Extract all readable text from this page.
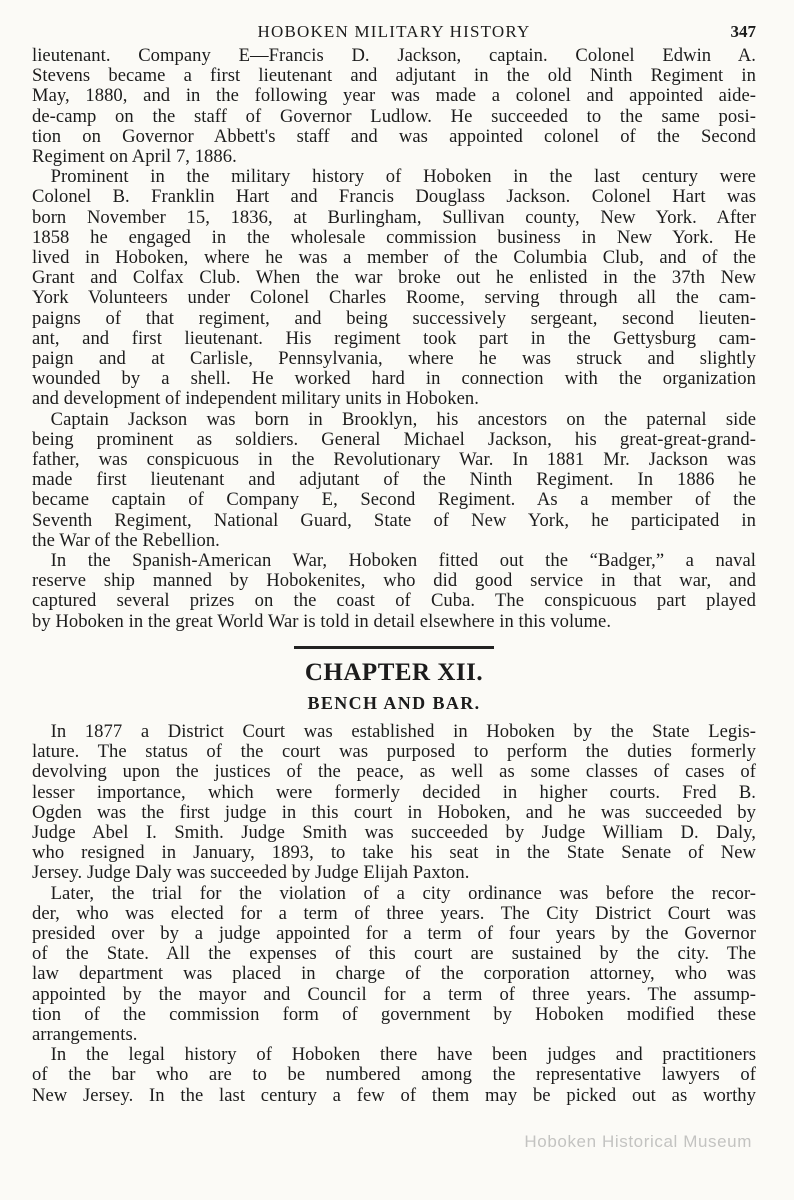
HOBOKEN MILITARY HISTORY	347

lieutenant. Company E—Francis D. Jackson, captain. Colonel Edwin A.
Stevens became a first lieutenant and adjutant in the old Ninth Regiment in
May, 1880, and in the following year was made a colonel and appointed aide-
de-camp on the staff of Governor Ludlow. He succeeded to the same posi-
tion on Governor Abbett's staff and was appointed colonel of the Second
Regiment on April 7, 1886.

 Prominent in the military history of Hoboken in the last century were
Colonel B. Franklin Hart and Francis Douglass Jackson. Colonel Hart was
born November 15, 1836, at Burlingham, Sullivan county, New York. After
1858 he engaged in the wholesale commission business in New York. He
lived in Hoboken, where he was a member of the Columbia Club, and of the
Grant and Colfax Club. When the war broke out he enlisted in the 37th New
York Volunteers under Colonel Charles Roome, serving through all the cam-
paigns of that regiment, and being successively sergeant, second lieuten-
ant, and first lieutenant. His regiment took part in the Gettysburg cam-
paign and at Carlisle, Pennsylvania, where he was struck and slightly
wounded by a shell. He worked hard in connection with the organization
and development of independent military units in Hoboken.

 Captain Jackson was born in Brooklyn, his ancestors on the paternal side
being prominent as soldiers. General Michael Jackson, his great-great-grand-
father, was conspicuous in the Revolutionary War. In 1881 Mr. Jackson was
made first lieutenant and adjutant of the Ninth Regiment. In 1886 he
became captain of Company E, Second Regiment. As a member of the
Seventh Regiment, National Guard, State of New York, he participated in
the War of the Rebellion.

 In the Spanish-American War, Hoboken fitted out the “Badger,” a naval
reserve ship manned by Hobokenites, who did good service in that war, and
captured several prizes on the coast of Cuba. The conspicuous part played
by Hoboken in the great World War is told in detail elsewhere in this volume.

CHAPTER XII.
BENCH AND BAR.

 In 1877 a District Court was established in Hoboken by the State Legis-
lature. The status of the court was purposed to perform the duties formerly
devolving upon the justices of the peace, as well as some classes of cases of
lesser importance, which were formerly decided in higher courts. Fred B.
Ogden was the first judge in this court in Hoboken, and he was succeeded by
Judge Abel I. Smith. Judge Smith was succeeded by Judge William D. Daly,
who resigned in January, 1893, to take his seat in the State Senate of New
Jersey. Judge Daly was succeeded by Judge Elijah Paxton.

 Later, the trial for the violation of a city ordinance was before the recor-
der, who was elected for a term of three years. The City District Court was
presided over by a judge appointed for a term of four years by the Governor
of the State. All the expenses of this court are sustained by the city. The
law department was placed in charge of the corporation attorney, who was
appointed by the mayor and Council for a term of three years. The assump-
tion of the commission form of government by Hoboken modified these
arrangements.

 In the legal history of Hoboken there have been judges and practitioners
of the bar who are to be numbered among the representative lawyers of
New Jersey. In the last century a few of them may be picked out as worthy

Hoboken Historical Museum
